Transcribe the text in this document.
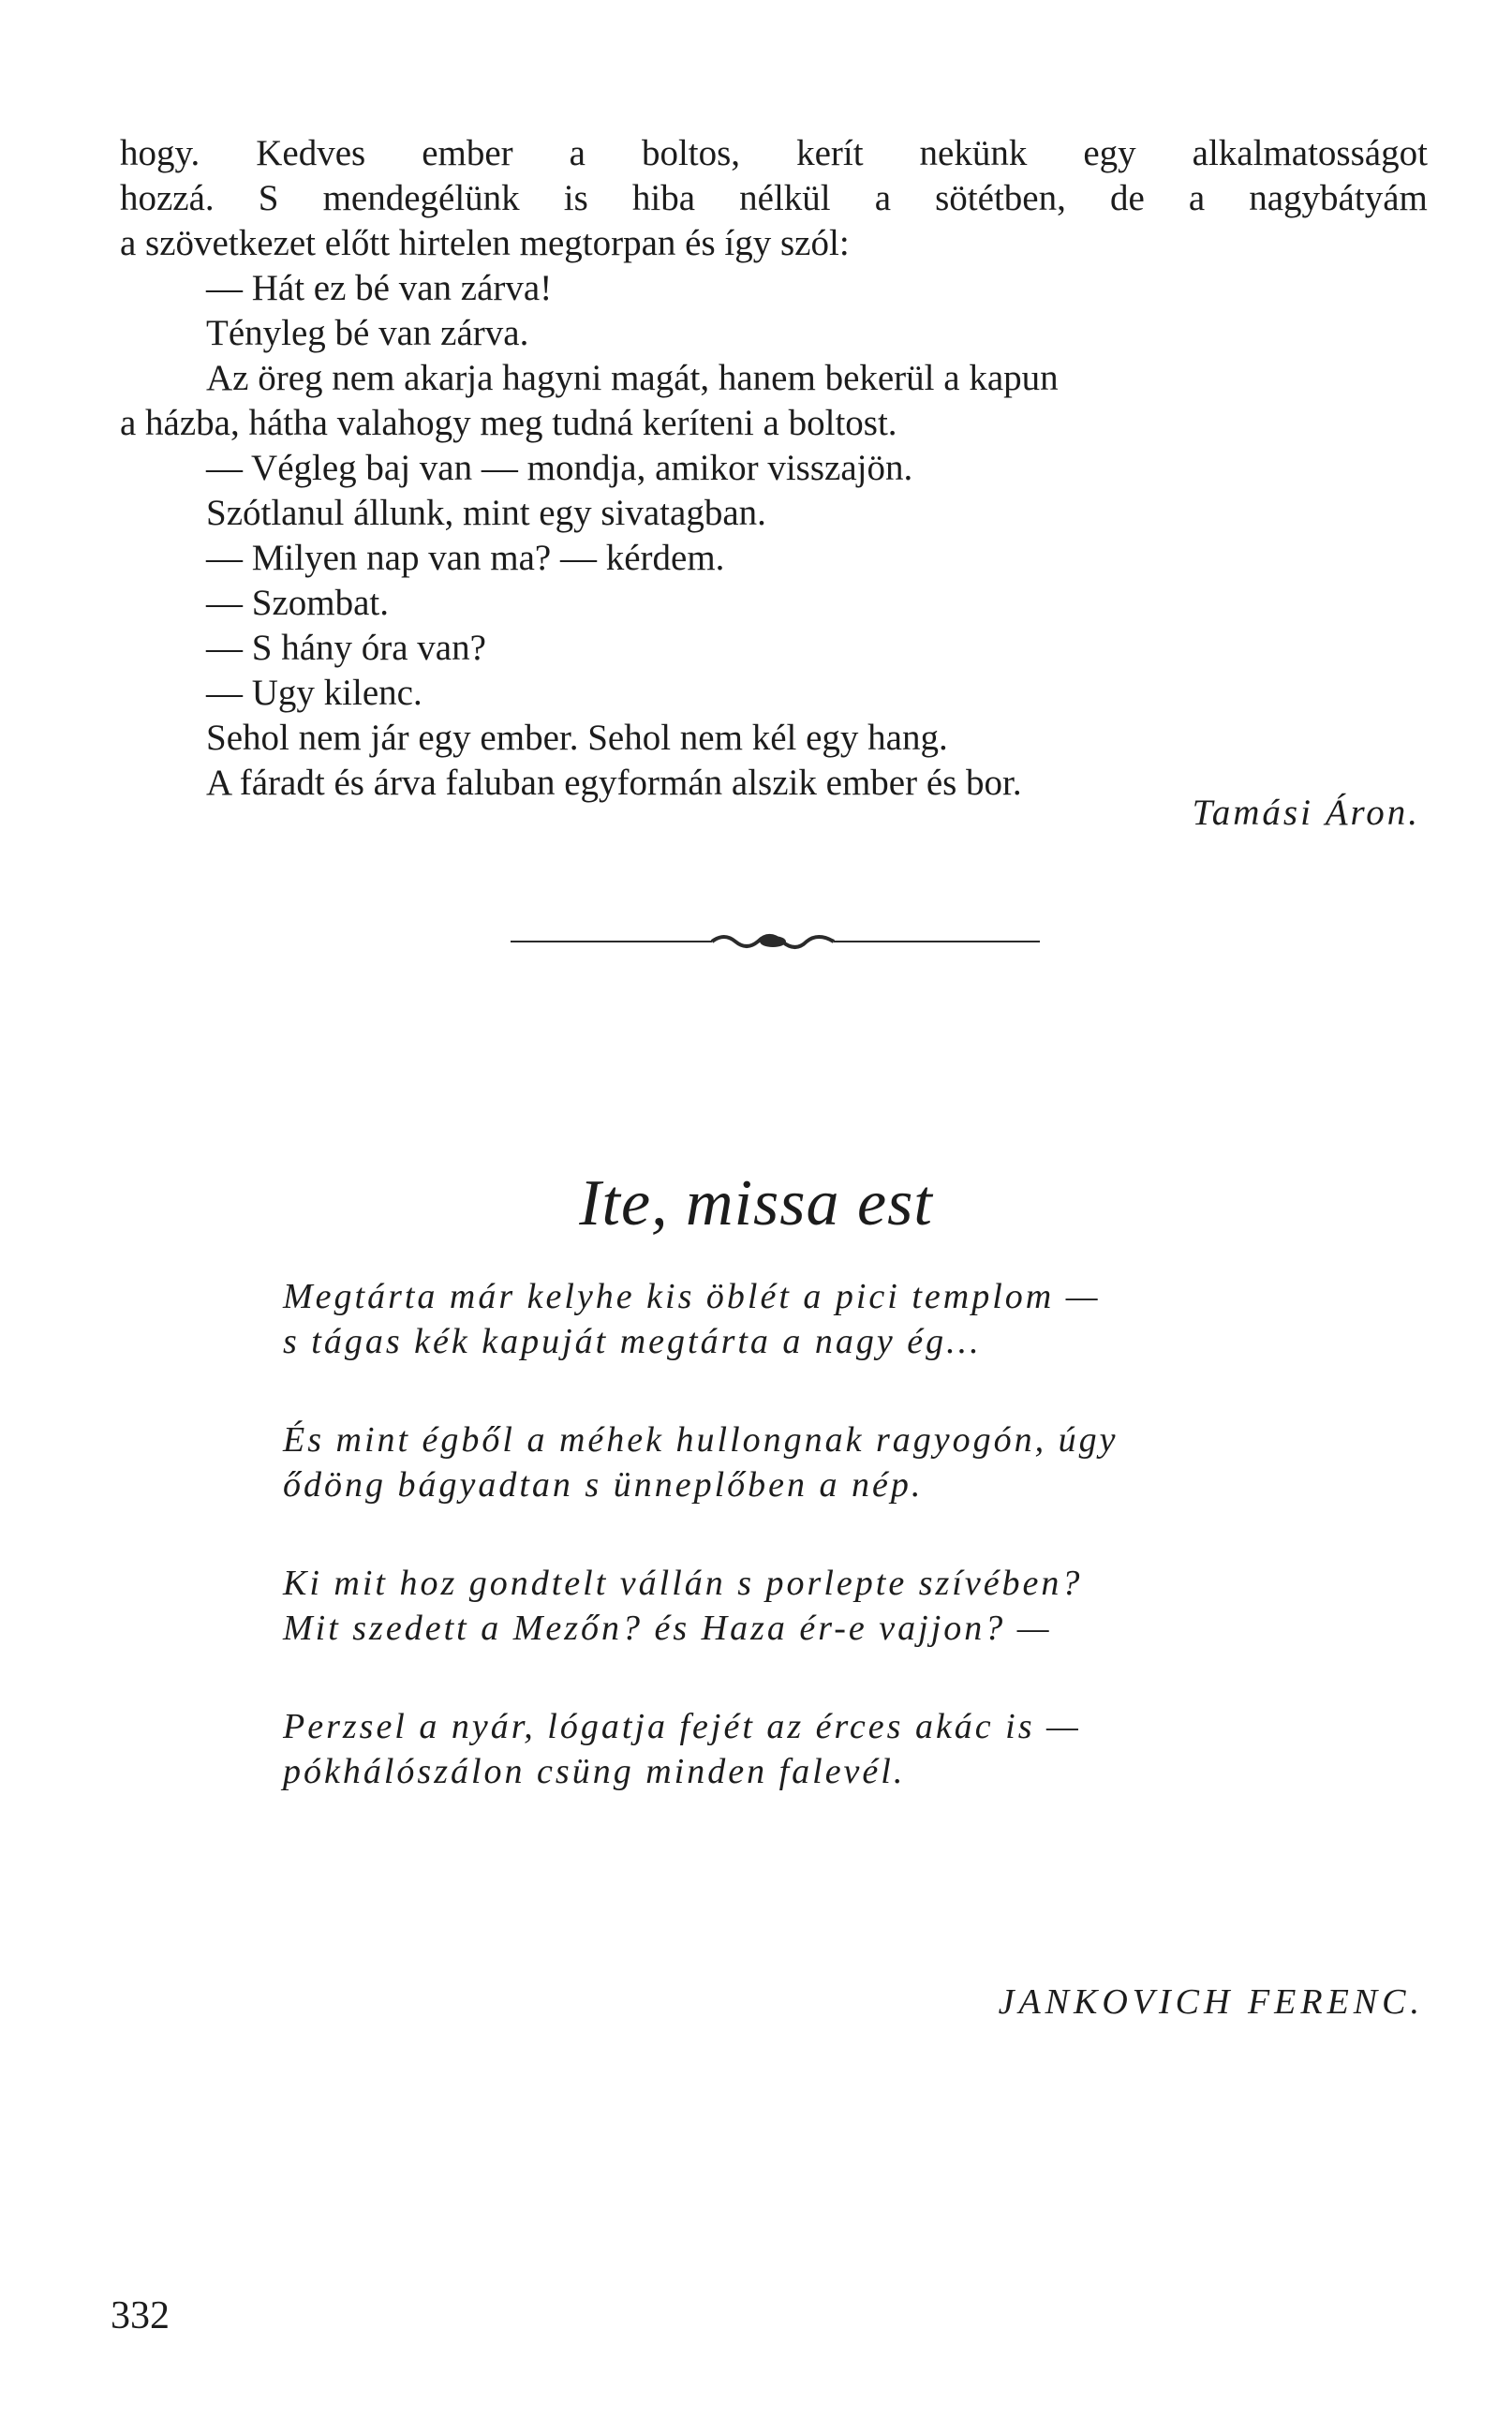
hogy. Kedves ember a boltos, kerít nekünk egy alkalmatosságot
hozzá. S mendegélünk is hiba nélkül a sötétben, de a nagybátyám
a szövetkezet előtt hirtelen megtorpan és így szól:
— Hát ez bé van zárva!
Tényleg bé van zárva.
Az öreg nem akarja hagyni magát, hanem bekerül a kapun
a házba, hátha valahogy meg tudná keríteni a boltost.
— Végleg baj van — mondja, amikor visszajön.
Szótlanul állunk, mint egy sivatagban.
— Milyen nap van ma? — kérdem.
— Szombat.
— S hány óra van?
— Ugy kilenc.
Sehol nem jár egy ember. Sehol nem kél egy hang.
A fáradt és árva faluban egyformán alszik ember és bor.
Tamási Áron.
Ite, missa est
Megtárta már kelyhe kis öblét a pici templom —
s tágas kék kapuját megtárta a nagy ég...
És mint égből a méhek hullongnak ragyogón, úgy
ődöng bágyadtan s ünneplőben a nép.
Ki mit hoz gondtelt vállán s porlepte szívében?
Mit szedett a Mezőn? és Haza ér-e vajjon? —
Perzsel a nyár, lógatja fejét az érces akác is —
pókhálószálon csüng minden falevél.
JANKOVICH FERENC.
332
